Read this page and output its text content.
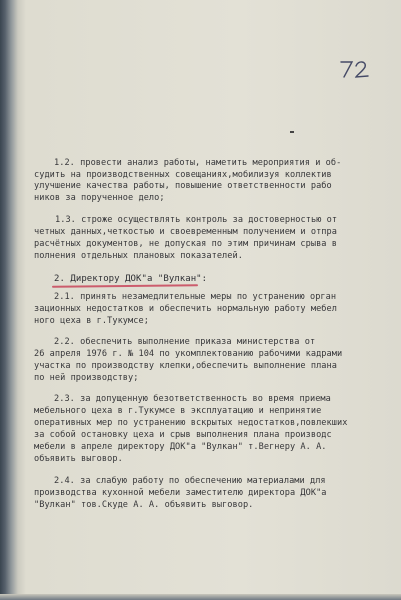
1.2. провести анализ работы, наметить мероприятия и об-
судить на производственных совещаниях,мобилизуя коллектив
улучшение качества работы, повышение ответственности рабо
ников за порученное дело;
1.3. строже осуществлять контроль за достоверностью от
четных данных,четкостью и своевременным получением и отпра
расчётных документов, не допуская по этим причинам срыва в
полнения отдельных плановых показателей.
2. Директору ДОК"а "Вулкан":
2.1. принять незамедлительные меры по устранению орган
зационных недостатков и обеспечить нормальную работу мебел
ного цеха в г.Тукумсе;
2.2. обеспечить выполнение приказа министерства от
26 апреля 1976 г. № 104 по укомплектованию рабочими кадрами
участка по производству клепки,обеспечить выполнение плана
по ней производству;
2.3. за допущенную безответственность во время приема
мебельного цеха в г.Тукумсе в эксплуатацию и непринятие
оперативных мер по устранению вскрытых недостатков,повлекших
за собой остановку цеха и срыв выполнения плана производс
мебели в апреле директору ДОК"а "Вулкан" т.Вегнеру А. А.
объявить выговор.
2.4. за слабую работу по обеспечению материалами для
производства кухонной мебели заместителю директора ДОК"а
"Вулкан" тов.Скуде А. А. объявить выговор.
